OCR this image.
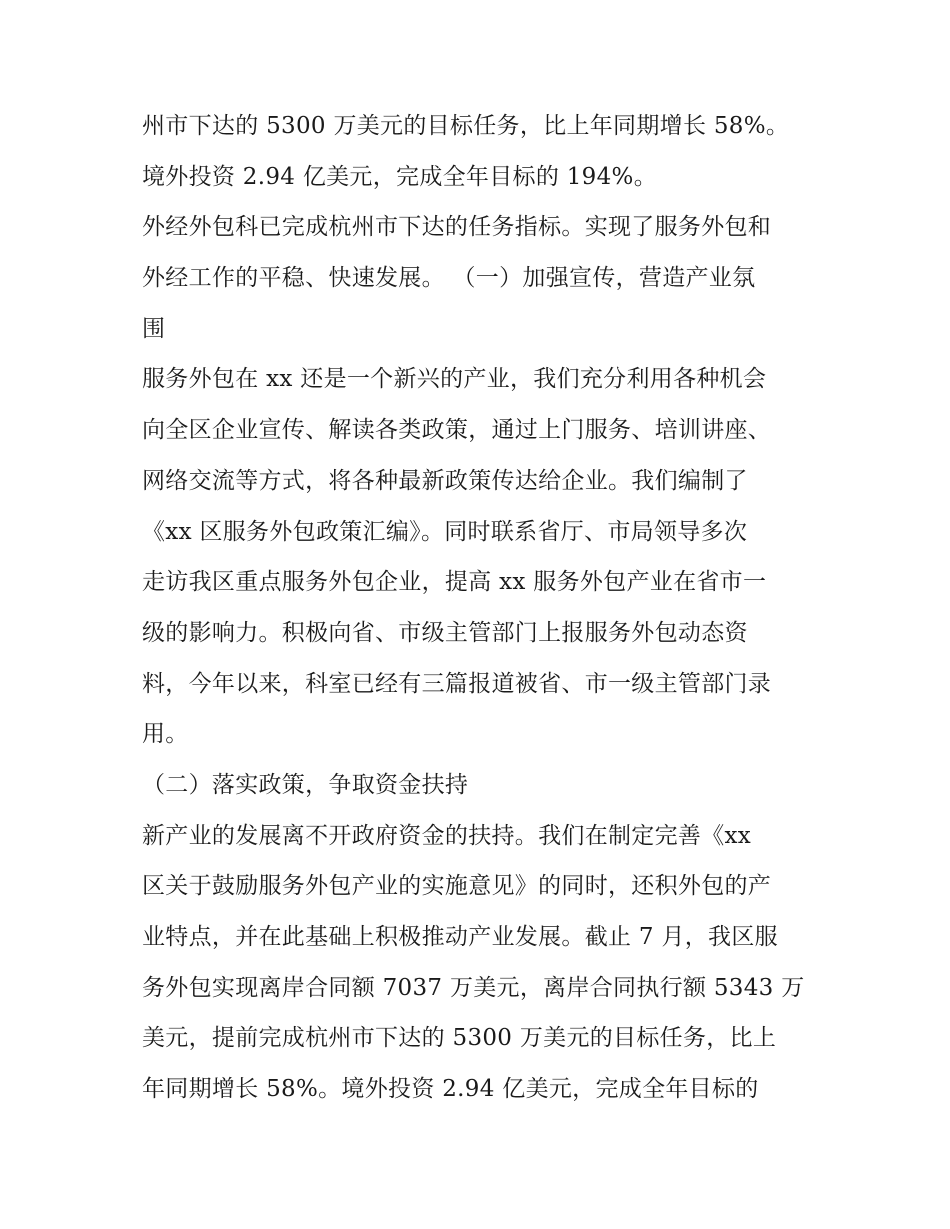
州市下达的 5300 万美元的目标任务，比上年同期增长 58%。
境外投资 2.94 亿美元，完成全年目标的 194%。
外经外包科已完成杭州市下达的任务指标。实现了服务外包和
外经工作的平稳、快速发展。 （一）加强宣传，营造产业氛
围
服务外包在 xx 还是一个新兴的产业，我们充分利用各种机会
向全区企业宣传、解读各类政策，通过上门服务、培训讲座、
网络交流等方式，将各种最新政策传达给企业。我们编制了
《xx 区服务外包政策汇编》。同时联系省厅、市局领导多次
走访我区重点服务外包企业，提高 xx 服务外包产业在省市一
级的影响力。积极向省、市级主管部门上报服务外包动态资
料，今年以来，科室已经有三篇报道被省、市一级主管部门录
用。
（二）落实政策，争取资金扶持
新产业的发展离不开政府资金的扶持。我们在制定完善《xx
区关于鼓励服务外包产业的实施意见》的同时，还积外包的产
业特点，并在此基础上积极推动产业发展。截止 7 月，我区服
务外包实现离岸合同额 7037 万美元，离岸合同执行额 5343 万
美元，提前完成杭州市下达的 5300 万美元的目标任务，比上
年同期增长 58%。境外投资 2.94 亿美元，完成全年目标的
